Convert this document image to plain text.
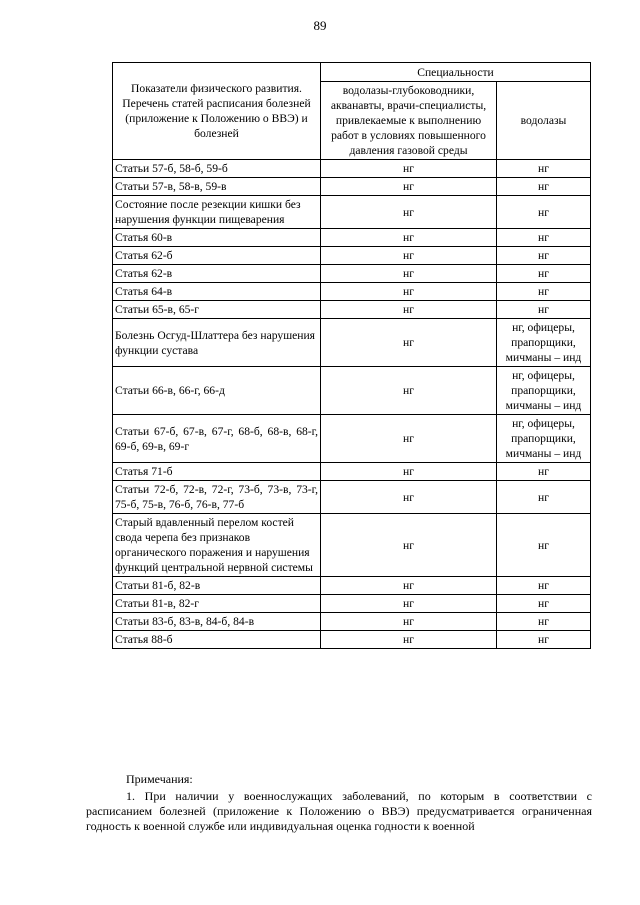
89
Показатели физического развития. Перечень статей расписания болезней (приложение к Положению о ВВЭ) и болезней	Специальности	
	водолазы-глубоководники, акванавты, врачи-специалисты, привлекаемые к выполнению работ в условиях повышенного давления газовой среды	водолазы
Статьи 57-б, 58-б, 59-б	нг	нг
Статьи 57-в, 58-в, 59-в	нг	нг
Состояние после резекции кишки без нарушения функции пищеварения	нг	нг
Статья 60-в	нг	нг
Статья 62-б	нг	нг
Статья 62-в	нг	нг
Статья 64-в	нг	нг
Статьи 65-в, 65-г	нг	нг
Болезнь Осгуд-Шлаттера без нарушения функции сустава	нг	нг, офицеры, прапорщики, мичманы – инд
Статьи 66-в, 66-г, 66-д	нг	нг, офицеры, прапорщики, мичманы – инд
Статьи 67-б, 67-в, 67-г, 68-б, 68-в, 68-г, 69-б, 69-в, 69-г	нг	нг, офицеры, прапорщики, мичманы – инд
Статья 71-б	нг	нг
Статьи 72-б, 72-в, 72-г, 73-б, 73-в, 73-г, 75-б, 75-в, 76-б, 76-в, 77-б	нг	нг
Старый вдавленный перелом костей свода черепа без признаков органического поражения и нарушения функций центральной нервной системы	нг	нг
Статьи 81-б, 82-в	нг	нг
Статьи 81-в, 82-г	нг	нг
Статьи 83-б, 83-в, 84-б, 84-в	нг	нг
Статья 88-б	нг	нг

Примечания:

1. При наличии у военнослужащих заболеваний, по которым в соответствии с расписанием болезней (приложение к Положению о ВВЭ) предусматривается ограниченная годность к военной службе или индивидуальная оценка годности к военной
